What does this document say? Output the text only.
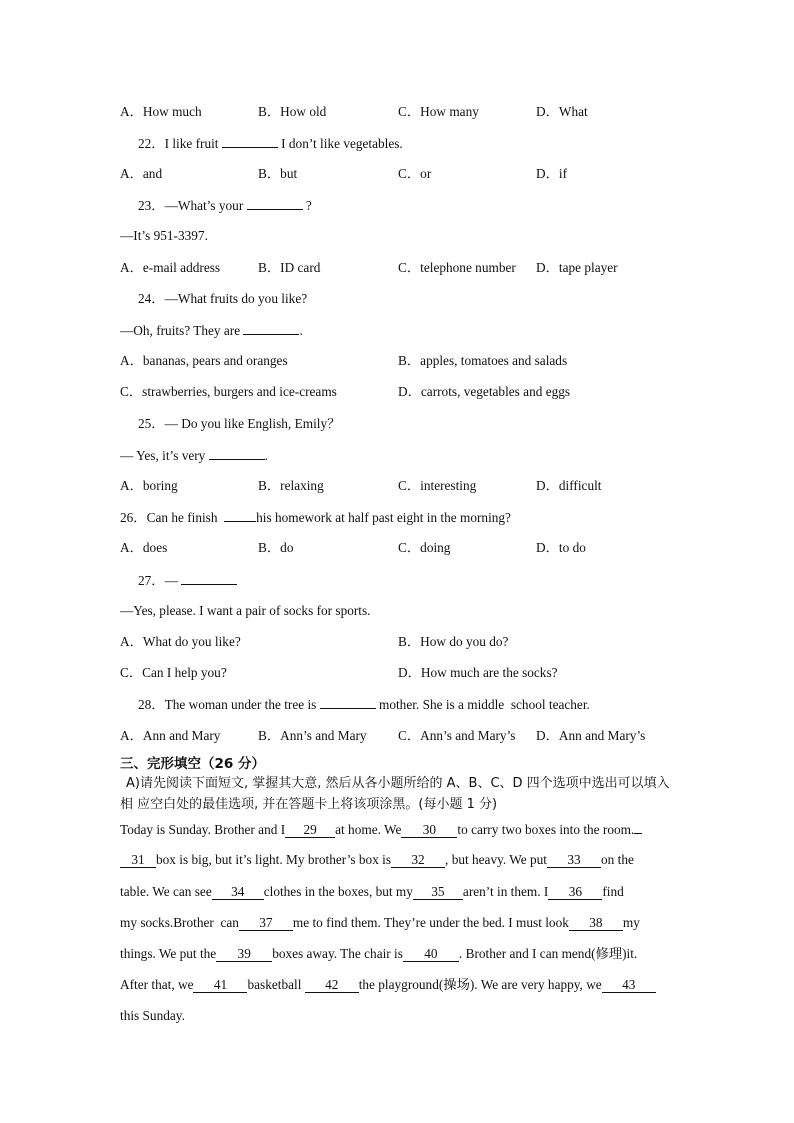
A．How much	B．How old	C．How many	D．What
22．I like fruit	I don’t like vegetables.
A．and	B．but	C．or	D．if
23．—What’s your	?
—It’s 951-3397.
A．e-mail address	B．ID card	C．telephone number D．tape player
24．—What fruits do you like?
—Oh, fruits? They are	.
A．bananas, pears and oranges	B．apples, tomatoes and salads
C．strawberries, burgers and ice-creams	D．carrots, vegetables and eggs
25．— Do you like English, Emily？
— Yes, it’s very	.
A．boring	B．relaxing	C．interesting	D．difficult
26．Can he finish  his homework at half past eight in the morning?
A．does	B．do	C．doing	D．to do
27．—
—Yes, please. I want a pair of socks for sports.
A．What do you like?	B．How do you do?
C．Can I help you?	D．How much are the socks?
28．The woman under the tree is	mother. She is a middle  school teacher.
A．Ann and Mary	B．Ann’s and Mary C．Ann’s and Mary’s D．Ann and Mary’s
三、完形填空（26 分）
A)请先阅读下面短文, 掌握其大意, 然后从各小题所给的 A、B、C、D 四个选项中选出可以填入相 应空白处的最佳选项, 并在答题卡上将该项涂黑。(每小题 1 分)
Today is Sunday. Brother and I 29 at home. We 30 to carry two boxes into the room.
31 box is big, but it’s light. My brother’s box is 32 , but heavy. We put 33 on the
table. We can see 34 clothes in the boxes, but my 35 aren’t in them. I 36 find
my socks.Brother  can 37 me to find them. They’re under the bed. I must look 38 my
things. We put the 39 boxes away. The chair is 40 . Brother and I can mend(修理)it.
After that, we 41 basketball 42 the playground(操场). We are very happy, we 43
this Sunday.
